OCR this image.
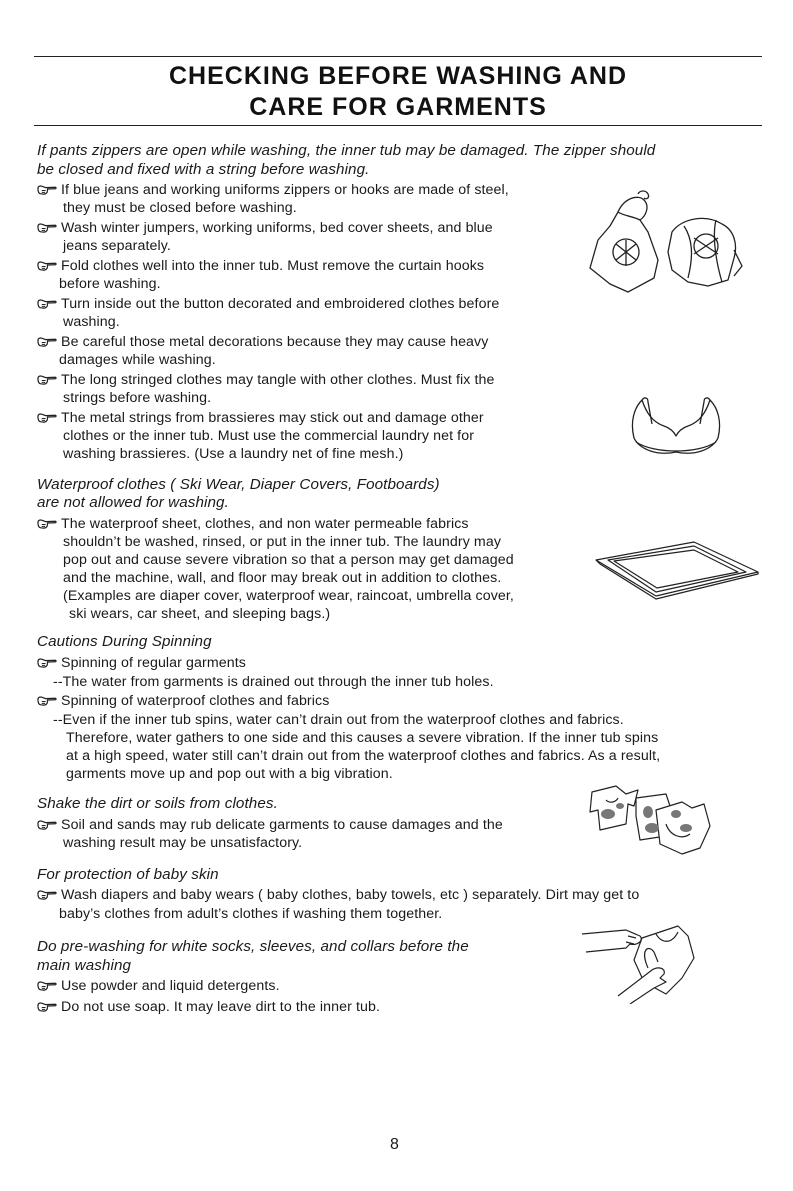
CHECKING BEFORE WASHING AND
CARE FOR GARMENTS
If pants zippers are open while washing, the inner tub may be damaged. The zipper should
be closed and fixed with a string before washing.
If blue jeans and working uniforms zippers or hooks are made of steel,
they must be closed before washing.
Wash winter jumpers, working uniforms, bed cover sheets, and blue
jeans separately.
Fold clothes well into the inner tub. Must remove the curtain hooks
before washing.
Turn inside out the button decorated and embroidered clothes before
washing.
Be careful those metal decorations because they may cause heavy
damages while washing.
The long stringed clothes may tangle with other clothes. Must fix the
strings before washing.
The metal strings from brassieres may stick out and damage other
clothes or the inner tub. Must use the commercial laundry net for
washing brassieres. (Use a laundry net of fine mesh.)
Waterproof clothes ( Ski Wear, Diaper Covers, Footboards)
are not allowed for washing.
The waterproof sheet, clothes, and non water permeable fabrics
shouldn’t be washed, rinsed, or put in the inner tub. The laundry may
pop out and cause severe vibration so that a person may get damaged
and the machine, wall, and floor may break out in addition to clothes.
(Examples are diaper cover, waterproof wear, raincoat, umbrella cover,
ski wears, car sheet, and sleeping bags.)
Cautions During Spinning
Spinning of regular garments
--The water from garments is drained out through the inner tub holes.
Spinning of waterproof clothes and fabrics
--Even if the inner tub spins, water can’t drain out from the waterproof clothes and fabrics.
Therefore, water gathers to one side and this causes a severe vibration. If the inner tub spins
at a high speed, water still can’t drain out from the waterproof clothes and fabrics. As a result,
garments move up and pop out with a big vibration.
Shake the dirt or soils from clothes.
Soil and sands may rub delicate garments to cause damages and the
washing result may be unsatisfactory.
For protection of baby skin
Wash diapers and baby wears ( baby clothes, baby towels, etc ) separately. Dirt may get to
baby’s clothes from adult’s clothes if washing them together.
Do pre-washing for white socks, sleeves, and collars before the
main washing
Use powder and liquid detergents.
Do not use soap. It may leave dirt to the inner tub.
8
